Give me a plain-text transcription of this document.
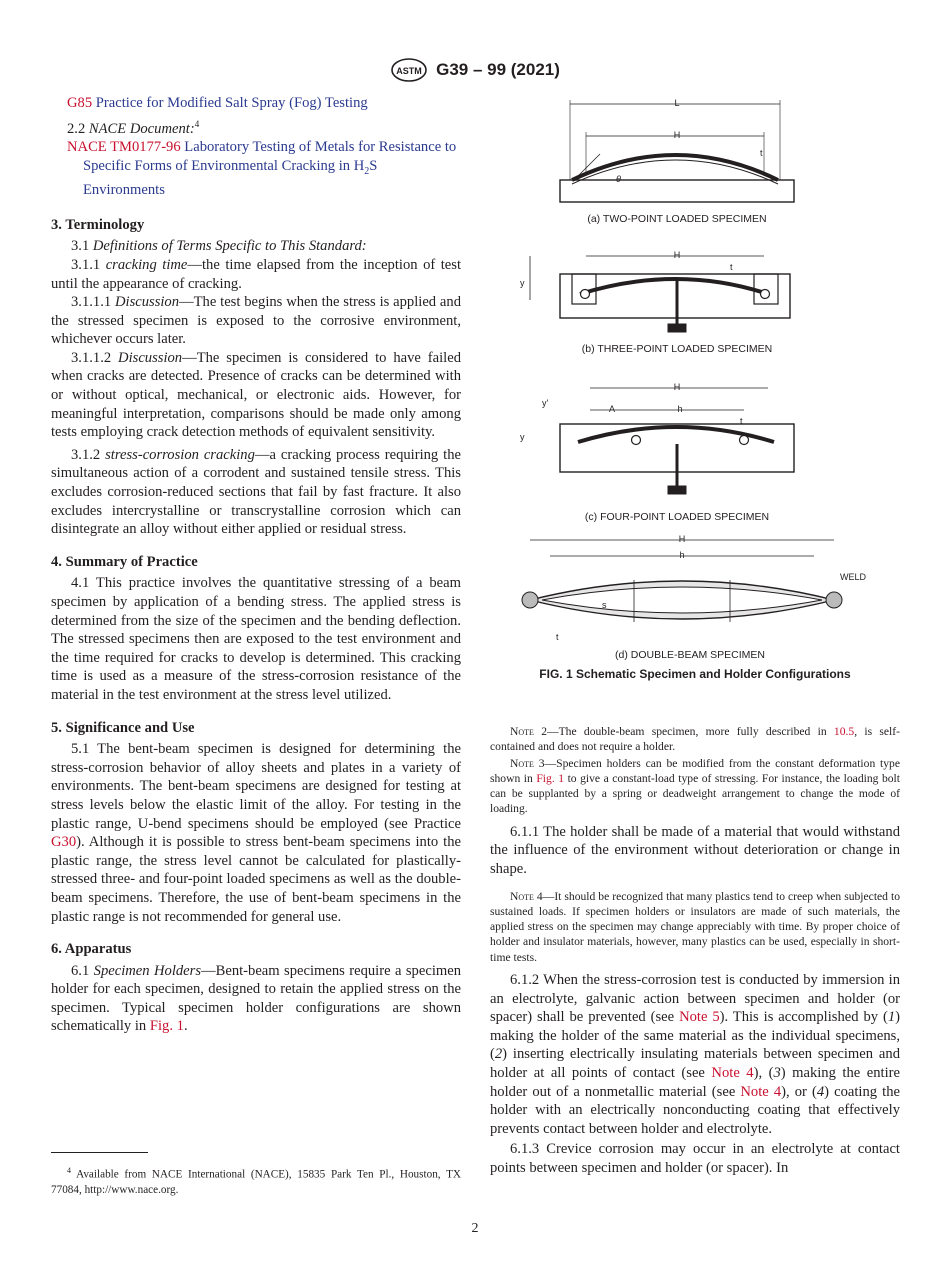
ASTM G39 – 99 (2021)

G85 Practice for Modified Salt Spray (Fog) Testing

2.2 NACE Document:$^4$

NACE TM0177-96 Laboratory Testing of Metals for Resistance to Specific Forms of Environmental Cracking in $H_2S$ Environments

3. Terminology

3.1 Definitions of Terms Specific to This Standard:

3.1.1 cracking time—the time elapsed from the inception of test until the appearance of cracking.

3.1.1.1 Discussion—The test begins when the stress is applied and the stressed specimen is exposed to the corrosive environment, whichever occurs later.

3.1.1.2 Discussion—The specimen is considered to have failed when cracks are detected. Presence of cracks can be determined with or without optical, mechanical, or electronic aids. However, for meaningful interpretation, comparisons should be made only among tests employing crack detection methods of equivalent sensitivity.

3.1.2 stress-corrosion cracking—a cracking process requiring the simultaneous action of a corrodent and sustained tensile stress. This excludes corrosion-reduced sections that fail by fast fracture. It also excludes intercrystalline or transcrystalline corrosion which can disintegrate an alloy without either applied or residual stress.

4. Summary of Practice

4.1 This practice involves the quantitative stressing of a beam specimen by application of a bending stress. The applied stress is determined from the size of the specimen and the bending deflection. The stressed specimens then are exposed to the test environment and the time required for cracks to develop is determined. This cracking time is used as a measure of the stress-corrosion resistance of the material in the test environment at the stress level utilized.

5. Significance and Use

5.1 The bent-beam specimen is designed for determining the stress-corrosion behavior of alloy sheets and plates in a variety of environments. The bent-beam specimens are designed for testing at stress levels below the elastic limit of the alloy. For testing in the plastic range, U-bend specimens should be employed (see Practice G30). Although it is possible to stress bent-beam specimens into the plastic range, the stress level cannot be calculated for plastically-stressed three- and four-point loaded specimens as well as the double-beam specimens. Therefore, the use of bent-beam specimens in the plastic range is not recommended for general use.

6. Apparatus

6.1 Specimen Holders—Bent-beam specimens require a specimen holder for each specimen, designed to retain the applied stress on the specimen. Typical specimen holder configurations are shown schematically in Fig. 1.

$^4$ Available from NACE International (NACE), 15835 Park Ten Pl., Houston, TX 77084, http://www.nace.org.

L
H
t
θ
(a) TWO-POINT LOADED SPECIMEN
H
y
t
(b) THREE-POINT LOADED SPECIMEN
H
A	h
y'
y
t
(c) FOUR-POINT LOADED SPECIMEN
H
h
s
t
WELD
(d) DOUBLE-BEAM SPECIMEN
FIG. 1 Schematic Specimen and Holder Configurations

Note 2—The double-beam specimen, more fully described in 10.5, is self-contained and does not require a holder.

Note 3—Specimen holders can be modified from the constant deformation type shown in Fig. 1 to give a constant-load type of stressing. For instance, the loading bolt can be supplanted by a spring or deadweight arrangement to change the mode of loading.

6.1.1 The holder shall be made of a material that would withstand the influence of the environment without deterioration or change in shape.

Note 4—It should be recognized that many plastics tend to creep when subjected to sustained loads. If specimen holders or insulators are made of such materials, the applied stress on the specimen may change appreciably with time. By proper choice of holder and insulator materials, however, many plastics can be used, especially in short-time tests.

6.1.2 When the stress-corrosion test is conducted by immersion in an electrolyte, galvanic action between specimen and holder (or spacer) shall be prevented (see Note 5). This is accomplished by (1) making the holder of the same material as the individual specimens, (2) inserting electrically insulating materials between specimen and holder at all points of contact (see Note 4), (3) making the entire holder out of a nonmetallic material (see Note 4), or (4) coating the holder with an electrically nonconducting coating that effectively prevents contact between holder and electrolyte.

6.1.3 Crevice corrosion may occur in an electrolyte at contact points between specimen and holder (or spacer). In

2
